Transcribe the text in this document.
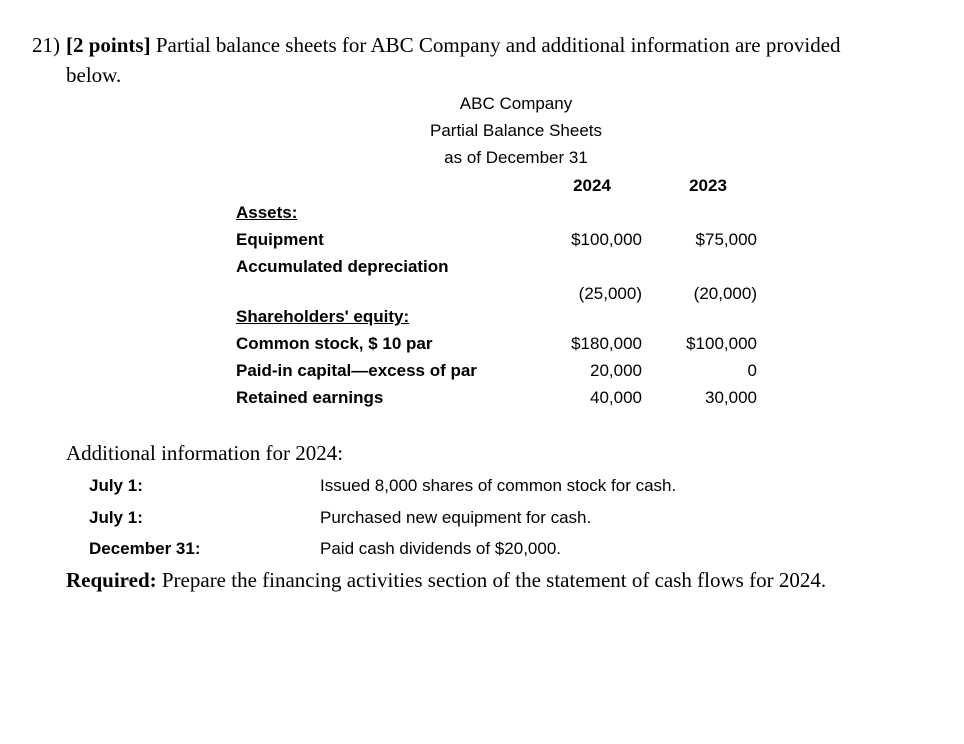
21) [2 points] Partial balance sheets for ABC Company and additional information are provided
below.
ABC Company
Partial Balance Sheets
as of December 31
2024	2023
Assets:
Equipment	$100,000	$75,000
Accumulated depreciation
(25,000)	(20,000)
Shareholders' equity:
Common stock, $ 10 par	$180,000	$100,000
Paid-in capital—excess of par	20,000	0
Retained earnings	40,000	30,000
Additional information for 2024:
July 1:	Issued 8,000 shares of common stock for cash.
July 1:	Purchased new equipment for cash.
December 31:	Paid cash dividends of $20,000.
Required: Prepare the financing activities section of the statement of cash flows for 2024.
